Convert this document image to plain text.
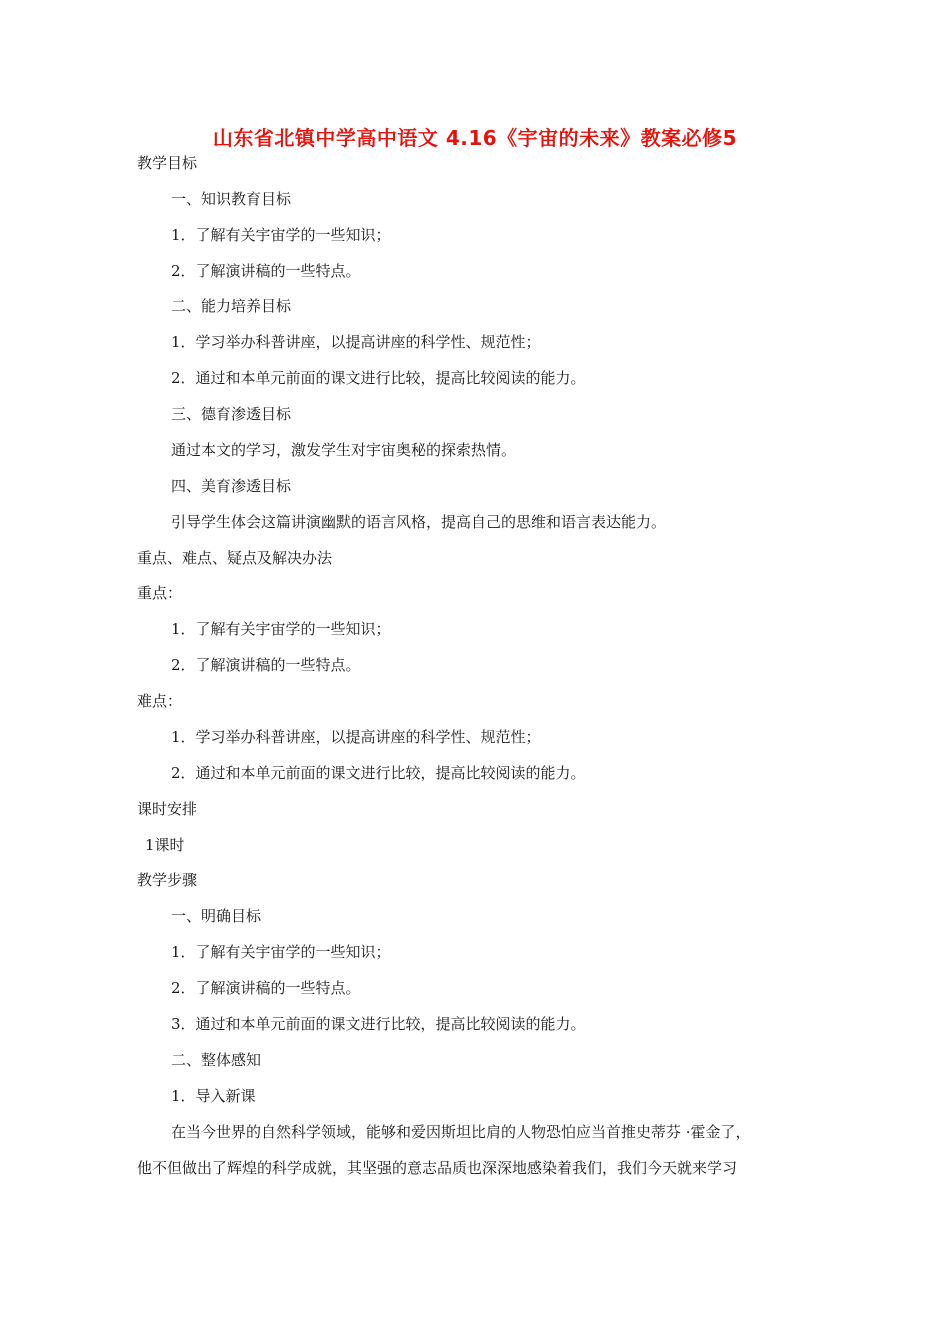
山东省北镇中学高中语文 4.16《宇宙的未来》教案必修5
教学目标
一、知识教育目标
1．了解有关宇宙学的一些知识；
2．了解演讲稿的一些特点。
二、能力培养目标
1．学习举办科普讲座，以提高讲座的科学性、规范性；
2．通过和本单元前面的课文进行比较，提高比较阅读的能力。
三、德育渗透目标
通过本文的学习，激发学生对宇宙奥秘的探索热情。
四、美育渗透目标
引导学生体会这篇讲演幽默的语言风格，提高自己的思维和语言表达能力。
重点、难点、疑点及解决办法
重点：
1．了解有关宇宙学的一些知识；
2．了解演讲稿的一些特点。
难点：
1．学习举办科普讲座，以提高讲座的科学性、规范性；
2．通过和本单元前面的课文进行比较，提高比较阅读的能力。
课时安排
1课时
教学步骤
一、明确目标
1．了解有关宇宙学的一些知识；
2．了解演讲稿的一些特点。
3．通过和本单元前面的课文进行比较，提高比较阅读的能力。
二、整体感知
1．导入新课
在当今世界的自然科学领域，能够和爱因斯坦比肩的人物恐怕应当首推史蒂芬 ·霍金了，
他不但做出了辉煌的科学成就，其坚强的意志品质也深深地感染着我们，我们今天就来学习
